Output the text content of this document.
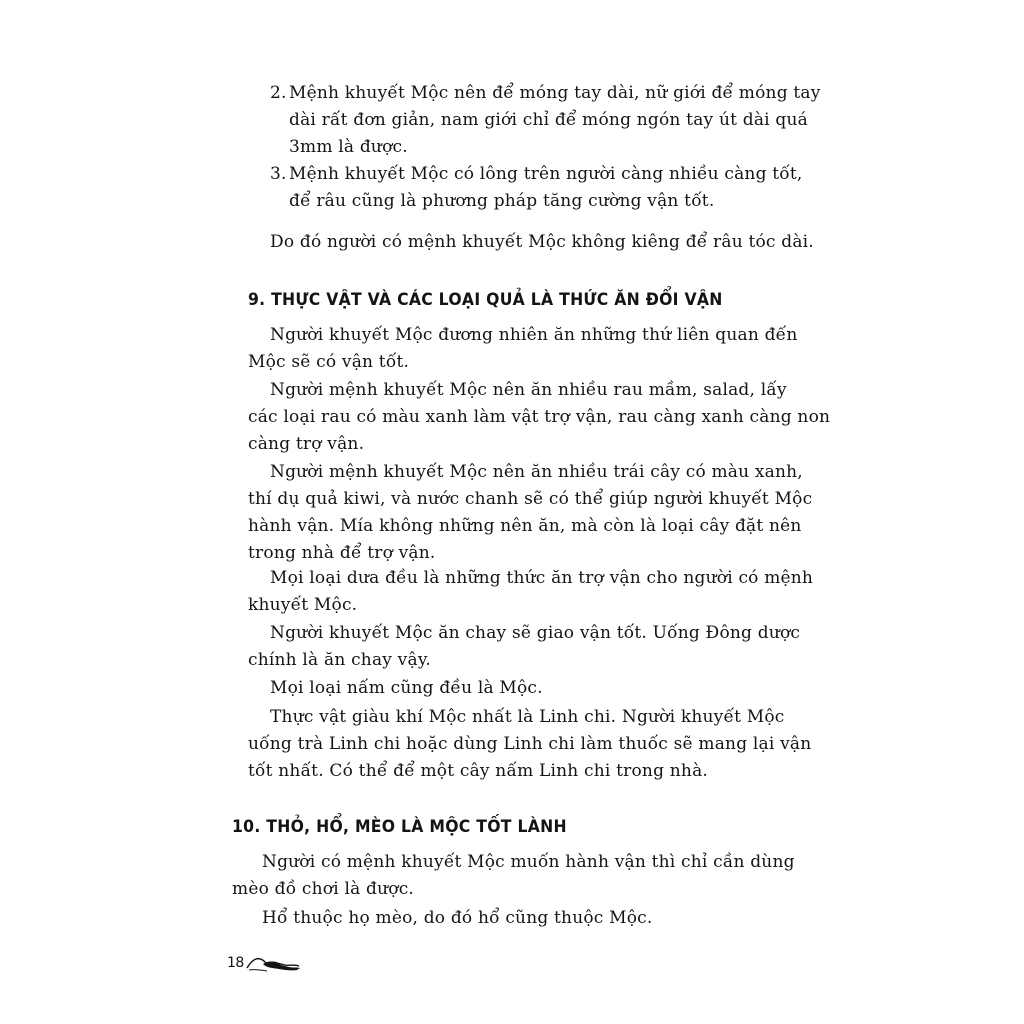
2. Mệnh khuyết Mộc nên để móng tay dài, nữ giới để móng tay
dài rất đơn giản, nam giới chỉ để móng ngón tay út dài quá
3mm là được.
3. Mệnh khuyết Mộc có lông trên người càng nhiều càng tốt,
để râu cũng là phương pháp tăng cường vận tốt.

Do đó người có mệnh khuyết Mộc không kiêng để râu tóc dài.

9. THỰC VẬT VÀ CÁC LOẠI QUẢ LÀ THỨC ĂN ĐỔI VẬN
Người khuyết Mộc đương nhiên ăn những thứ liên quan đến
Mộc sẽ có vận tốt.
Người mệnh khuyết Mộc nên ăn nhiều rau mầm, salad, lấy
các loại rau có màu xanh làm vật trợ vận, rau càng xanh càng non
càng trợ vận.
Người mệnh khuyết Mộc nên ăn nhiều trái cây có màu xanh,
thí dụ quả kiwi, và nước chanh sẽ có thể giúp người khuyết Mộc
hành vận. Mía không những nên ăn, mà còn là loại cây đặt nên
trong nhà để trợ vận.
Mọi loại dưa đều là những thức ăn trợ vận cho người có mệnh
khuyết Mộc.
Người khuyết Mộc ăn chay sẽ giao vận tốt. Uống Đông dược
chính là ăn chay vậy.
Mọi loại nấm cũng đều là Mộc.
Thực vật giàu khí Mộc nhất là Linh chi. Người khuyết Mộc
uống trà Linh chi hoặc dùng Linh chi làm thuốc sẽ mang lại vận
tốt nhất. Có thể để một cây nấm Linh chi trong nhà.
10. THỎ, HỔ, MÈO LÀ MỘC TỐT LÀNH
Người có mệnh khuyết Mộc muốn hành vận thì chỉ cần dùng
mèo đồ chơi là được.
Hổ thuộc họ mèo, do đó hổ cũng thuộc Mộc.
18
